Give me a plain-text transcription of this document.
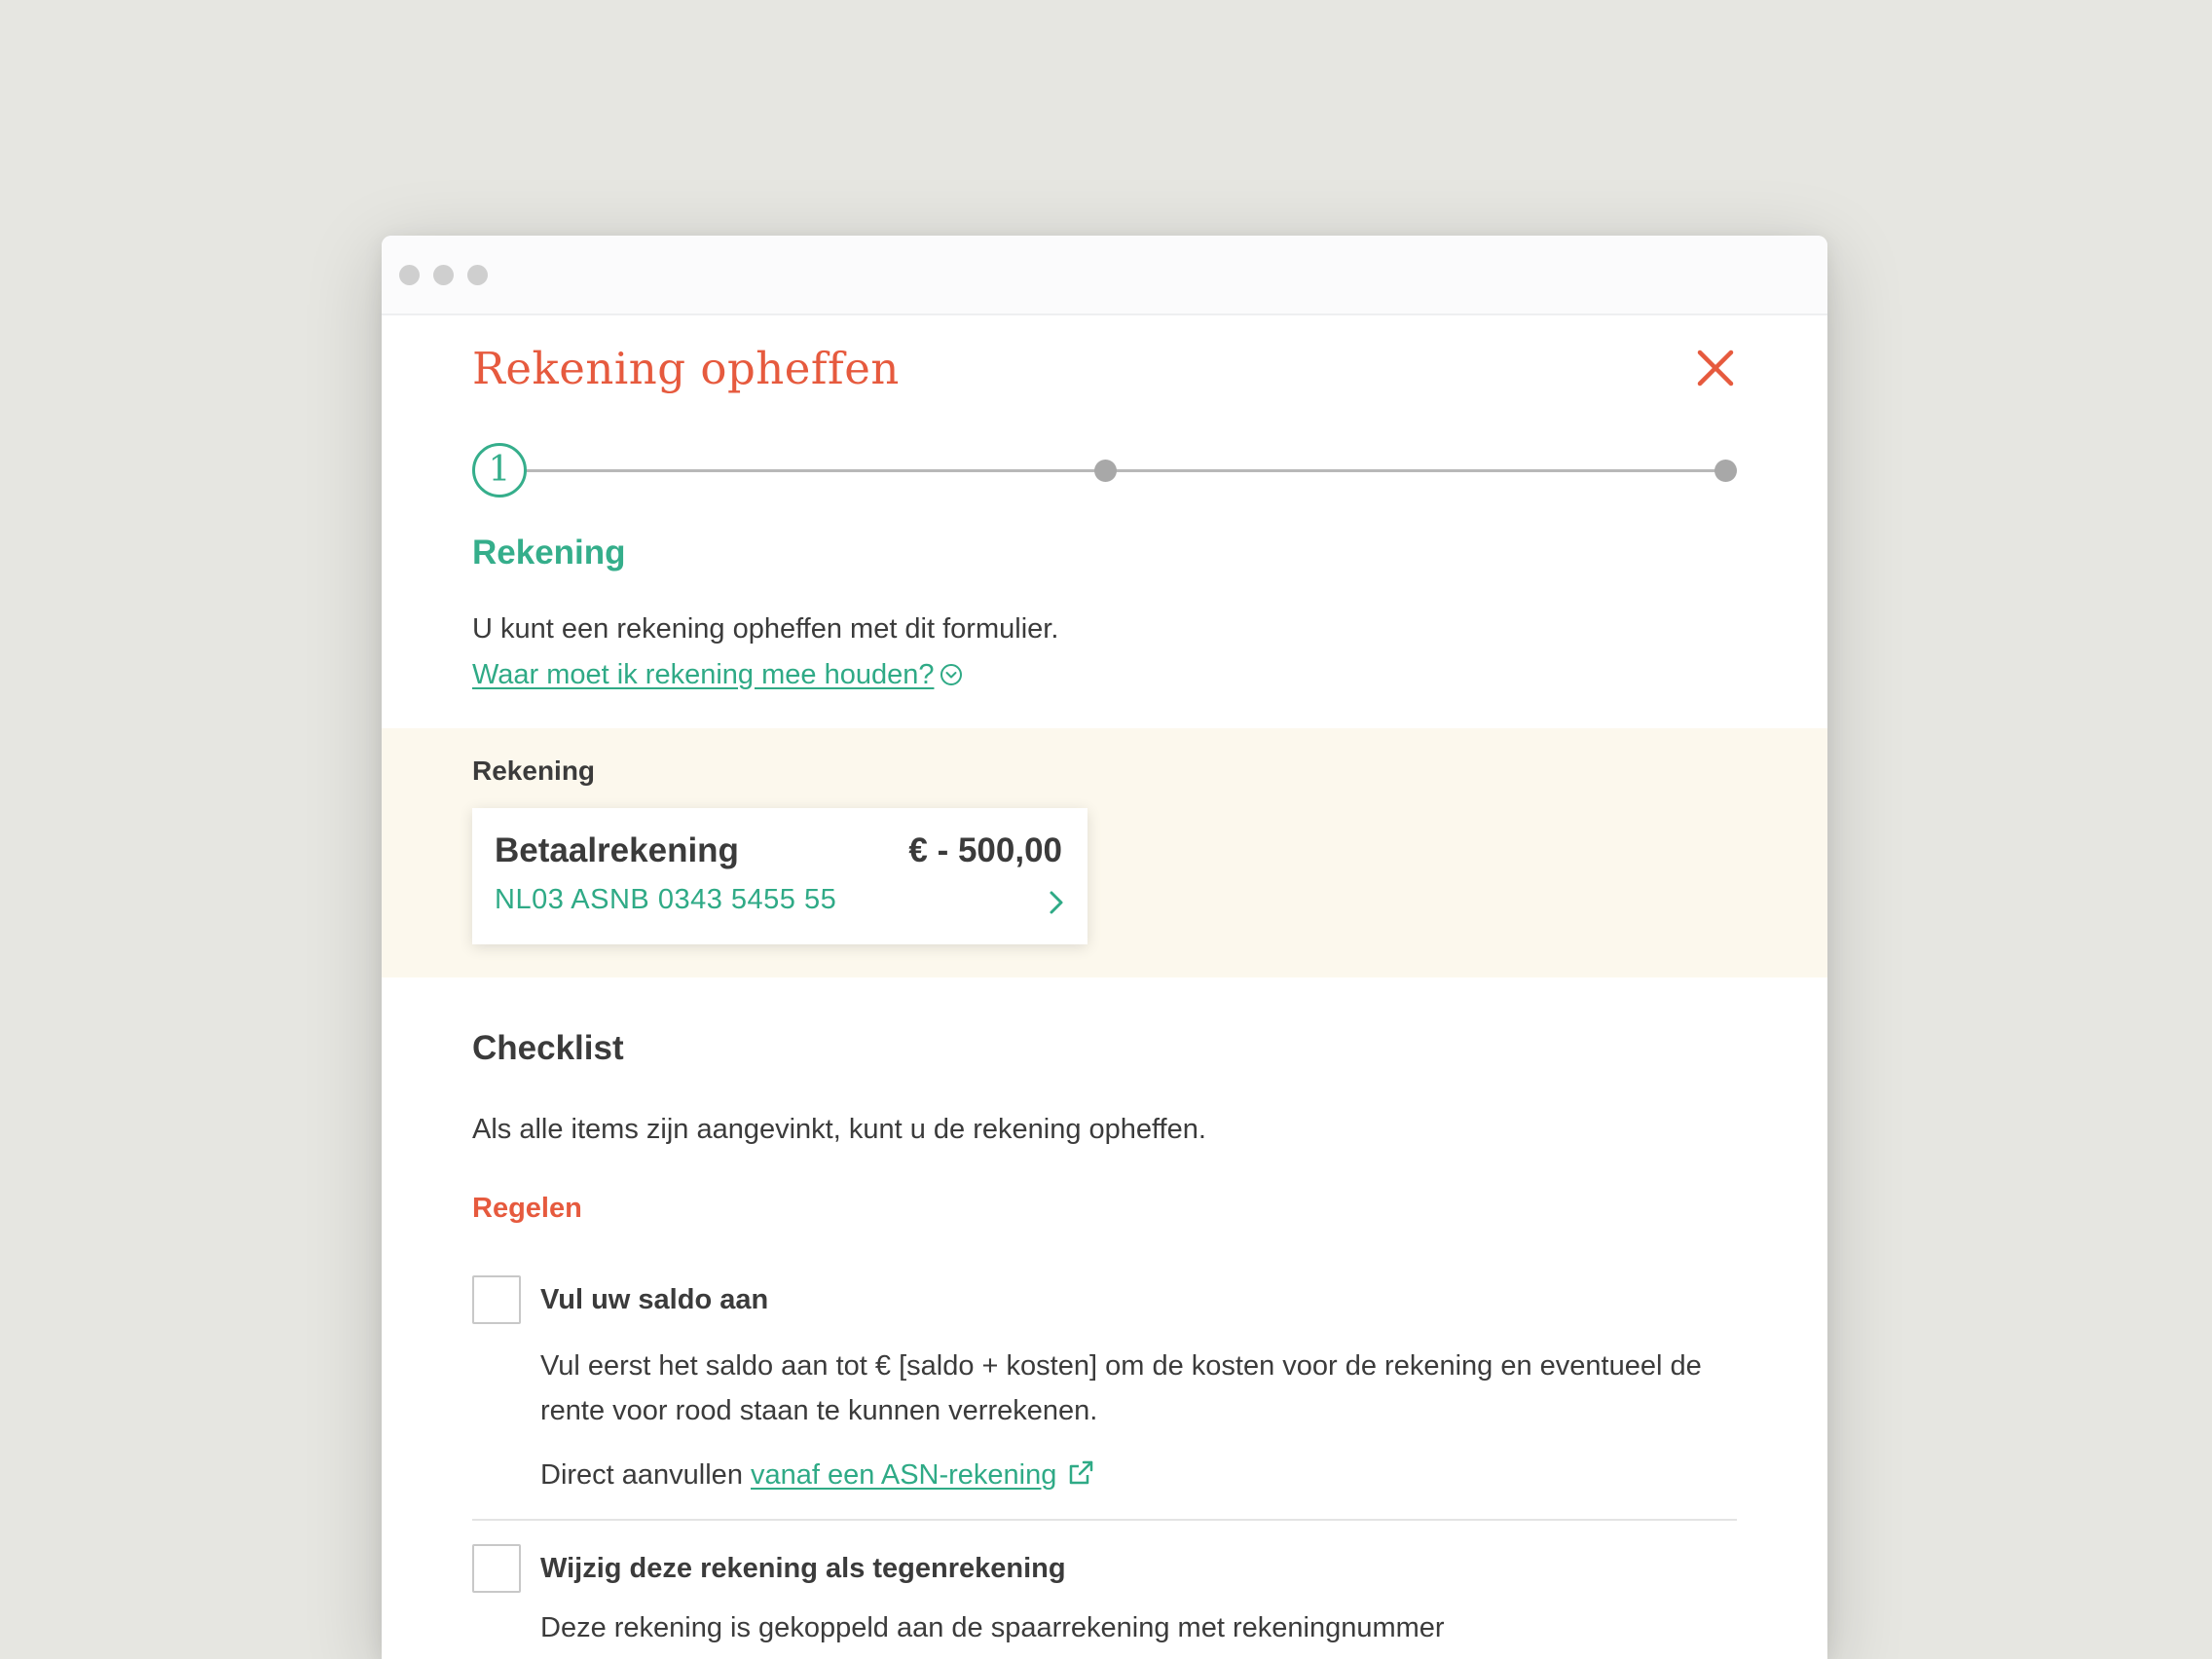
Rekening opheffen
1
Rekening

U kunt een rekening opheffen met dit formulier.

Waar moet ik rekening mee houden?
Rekening
Betaalrekening	€ - 500,00
NL03 ASNB 0343 5455 55
Checklist

Als alle items zijn aangevinkt, kunt u de rekening opheffen.

Regelen
Vul uw saldo aan

Vul eerst het saldo aan tot € [saldo + kosten] om de kosten voor de rekening en eventueel de rente voor rood staan te kunnen verrekenen.

Direct aanvullen vanaf een ASN-rekening
Wijzig deze rekening als tegenrekening

Deze rekening is gekoppeld aan de spaarrekening met rekeningnummer
